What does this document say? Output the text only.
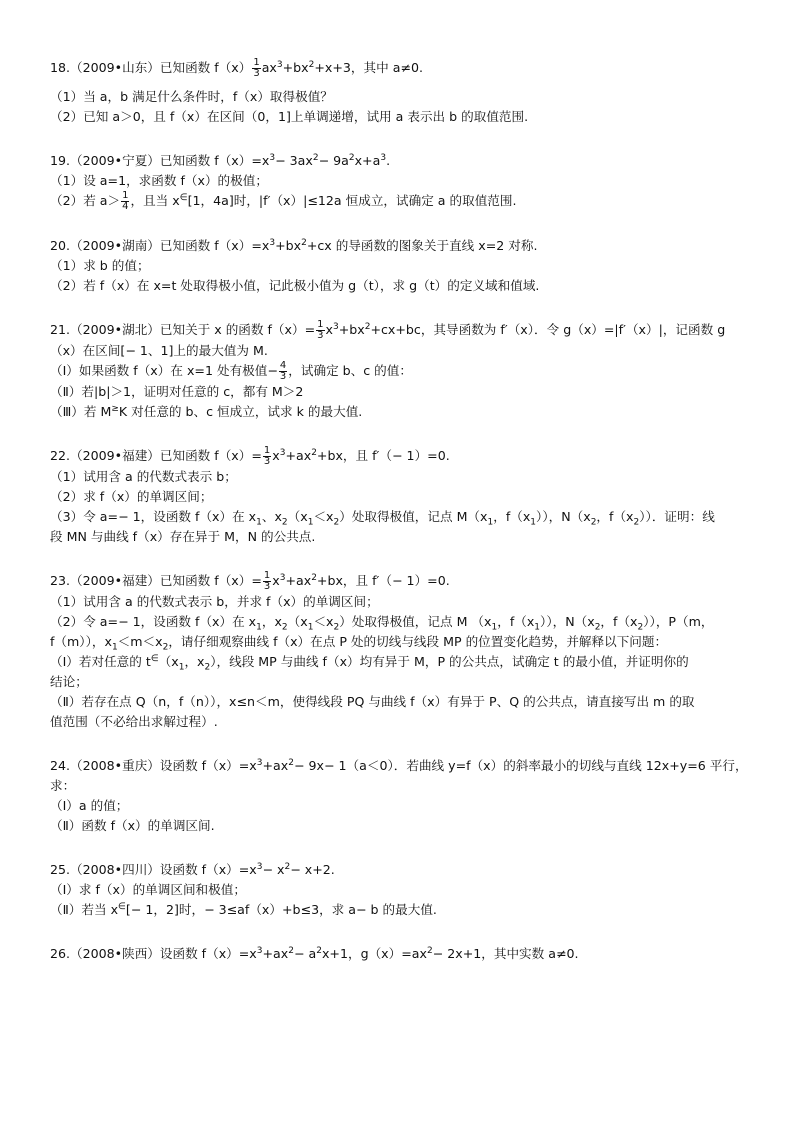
18.（2009•山东）已知函数 $f(x) \frac{1}{3} ax^3+bx^2+x+3$，其中 a≠0.
（1）当 a，b 满足什么条件时，f（x）取得极值？
（2）已知 a＞0，且 f（x）在区间（0，1]上单调递增，试用 a 表示出 b 的取值范围.
19.（2009•宁夏）已知函数 $f(x)=x^3- 3ax^2- 9a^2x+a^3$.
（1）设 a=1，求函数 f（x）的极值；
（2）若 $a> \frac{1}{4}$ ，且当 x∈[1，4a]时，|f′（x）|≤12a 恒成立，试确定 a 的取值范围.
20.（2009•湖南）已知函数 $f(x)=x^3+bx^2+cx$ 的导函数的图象关于直线 x=2 对称.
（1）求 b 的值；
（2）若 f（x）在 x=t 处取得极小值，记此极小值为 g（t），求 g（t）的定义域和值域.
21.（2009•湖北）已知关于 x 的函数 $f(x)= \frac{1}{3} x^3+bx^2+cx+bc$，其导函数为 f′（x）．令 g（x）=|f′（x）|，记函数 g
（x）在区间[− 1、1]上的最大值为 M.
（Ⅰ）如果函数 f（x）在 x=1 处有极值− $\frac{4}{3}$ ，试确定 b、c 的值：
（Ⅱ）若|b|＞1，证明对任意的 c，都有 M＞2
（Ⅲ）若 M≥K 对任意的 b、c 恒成立，试求 k 的最大值.
22.（2009•福建）已知函数 $f(x)= \frac{1}{3} x^3+ax^2+bx$，且 f′（− 1）=0.
（1）试用含 a 的代数式表示 b；
（2）求 f（x）的单调区间；
（3）令 a=− 1，设函数 f（x）在 $x_1$、$x_2(x_1<x_2)$处取得极值，记点 $M(x_1$，$f(x_1)$），$N(x_2$，$f(x_2)$）．证明：线
段 MN 与曲线 f（x）存在异于 M，N 的公共点.
23.（2009•福建）已知函数 $f(x)= \frac{1}{3} x^3+ax^2+bx$，且 f′（− 1）=0.
（1）试用含 a 的代数式表示 b，并求 f（x）的单调区间；
（2）令 a=− 1，设函数 f（x）在 $x_1$，$x_2(x_1<x_2)$处取得极值，记点 M （$x_1$，$f(x_1)$），$N(x_2$，$f(x_2)$），P（m，
f（m）），$x_1<m<x_2$，请仔细观察曲线 f（x）在点 P 处的切线与线段 MP 的位置变化趋势，并解释以下问题：
（Ⅰ）若对任意的 $t^\in(x_1$，$x_2$），线段 MP 与曲线 f（x）均有异于 M，P 的公共点，试确定 t 的最小值，并证明你的
结论；
（Ⅱ）若存在点 Q（n，f（n）），x≤n＜m，使得线段 PQ 与曲线 f（x）有异于 P、Q 的公共点，请直接写出 m 的取
值范围（不必给出求解过程）.
24.（2008•重庆）设函数 $f(x)=x^3+ax^2- 9x- 1(a<0)$．若曲线 y=f（x）的斜率最小的切线与直线 12x+y=6 平行，
求：
（Ⅰ）a 的值；
（Ⅱ）函数 f（x）的单调区间.
25.（2008•四川）设函数 $f(x)=x^3- x^2- x+2$.
（Ⅰ）求 f（x）的单调区间和极值；
（Ⅱ）若当 x∈[− 1，2]时，− 3≤af（x）+b≤3，求 a− b 的最大值.
26.（2008•陕西）设函数 $f(x)=x^3+ax^2- a^2x+1$，$g(x)=ax^2- 2x+1$，其中实数 a≠0.
